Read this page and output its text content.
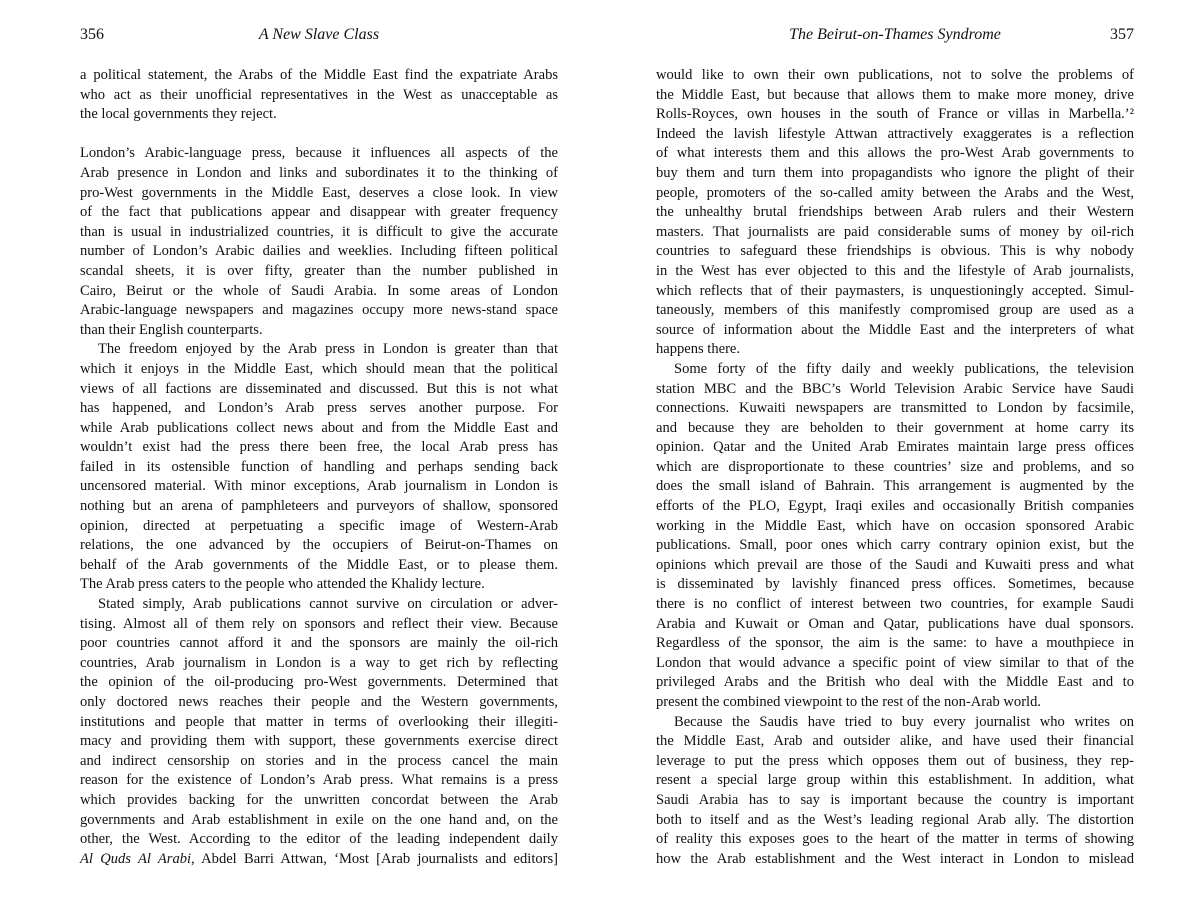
356	A New Slave Class
a political statement, the Arabs of the Middle East find the expatriate Arabs
who act as their unofficial representatives in the West as unacceptable as
the local governments they reject.
London’s Arabic-language press, because it influences all aspects of the
Arab presence in London and links and subordinates it to the thinking of
pro-West governments in the Middle East, deserves a close look. In view
of the fact that publications appear and disappear with greater frequency
than is usual in industrialized countries, it is difficult to give the accurate
number of London’s Arabic dailies and weeklies. Including fifteen political
scandal sheets, it is over fifty, greater than the number published in
Cairo, Beirut or the whole of Saudi Arabia. In some areas of London
Arabic-language newspapers and magazines occupy more news-stand space
than their English counterparts.
The freedom enjoyed by the Arab press in London is greater than that
which it enjoys in the Middle East, which should mean that the political
views of all factions are disseminated and discussed. But this is not what
has happened, and London’s Arab press serves another purpose. For
while Arab publications collect news about and from the Middle East and
wouldn’t exist had the press there been free, the local Arab press has
failed in its ostensible function of handling and perhaps sending back
uncensored material. With minor exceptions, Arab journalism in London is
nothing but an arena of pamphleteers and purveyors of shallow, sponsored
opinion, directed at perpetuating a specific image of Western-Arab
relations, the one advanced by the occupiers of Beirut-on-Thames on
behalf of the Arab governments of the Middle East, or to please them.
The Arab press caters to the people who attended the Khalidy lecture.
Stated simply, Arab publications cannot survive on circulation or adver-
tising. Almost all of them rely on sponsors and reflect their view. Because
poor countries cannot afford it and the sponsors are mainly the oil-rich
countries, Arab journalism in London is a way to get rich by reflecting
the opinion of the oil-producing pro-West governments. Determined that
only doctored news reaches their people and the Western governments,
institutions and people that matter in terms of overlooking their illegiti-
macy and providing them with support, these governments exercise direct
and indirect censorship on stories and in the process cancel the main
reason for the existence of London’s Arab press. What remains is a press
which provides backing for the unwritten concordat between the Arab
governments and Arab establishment in exile on the one hand and, on the
other, the West. According to the editor of the leading independent daily
Al Quds Al Arabi, Abdel Barri Attwan, ‘Most [Arab journalists and editors]
The Beirut-on-Thames Syndrome	357
would like to own their own publications, not to solve the problems of
the Middle East, but because that allows them to make more money, drive
Rolls-Royces, own houses in the south of France or villas in Marbella.’²
Indeed the lavish lifestyle Attwan attractively exaggerates is a reflection
of what interests them and this allows the pro-West Arab governments to
buy them and turn them into propagandists who ignore the plight of their
people, promoters of the so-called amity between the Arabs and the West,
the unhealthy brutal friendships between Arab rulers and their Western
masters. That journalists are paid considerable sums of money by oil-rich
countries to safeguard these friendships is obvious. This is why nobody
in the West has ever objected to this and the lifestyle of Arab journalists,
which reflects that of their paymasters, is unquestioningly accepted. Simul-
taneously, members of this manifestly compromised group are used as a
source of information about the Middle East and the interpreters of what
happens there.
Some forty of the fifty daily and weekly publications, the television
station MBC and the BBC’s World Television Arabic Service have Saudi
connections. Kuwaiti newspapers are transmitted to London by facsimile,
and because they are beholden to their government at home carry its
opinion. Qatar and the United Arab Emirates maintain large press offices
which are disproportionate to these countries’ size and problems, and so
does the small island of Bahrain. This arrangement is augmented by the
efforts of the PLO, Egypt, Iraqi exiles and occasionally British companies
working in the Middle East, which have on occasion sponsored Arabic
publications. Small, poor ones which carry contrary opinion exist, but the
opinions which prevail are those of the Saudi and Kuwaiti press and what
is disseminated by lavishly financed press offices. Sometimes, because
there is no conflict of interest between two countries, for example Saudi
Arabia and Kuwait or Oman and Qatar, publications have dual sponsors.
Regardless of the sponsor, the aim is the same: to have a mouthpiece in
London that would advance a specific point of view similar to that of the
privileged Arabs and the British who deal with the Middle East and to
present the combined viewpoint to the rest of the non-Arab world.
Because the Saudis have tried to buy every journalist who writes on
the Middle East, Arab and outsider alike, and have used their financial
leverage to put the press which opposes them out of business, they rep-
resent a special large group within this establishment. In addition, what
Saudi Arabia has to say is important because the country is important
both to itself and as the West’s leading regional Arab ally. The distortion
of reality this exposes goes to the heart of the matter in terms of showing
how the Arab establishment and the West interact in London to mislead
